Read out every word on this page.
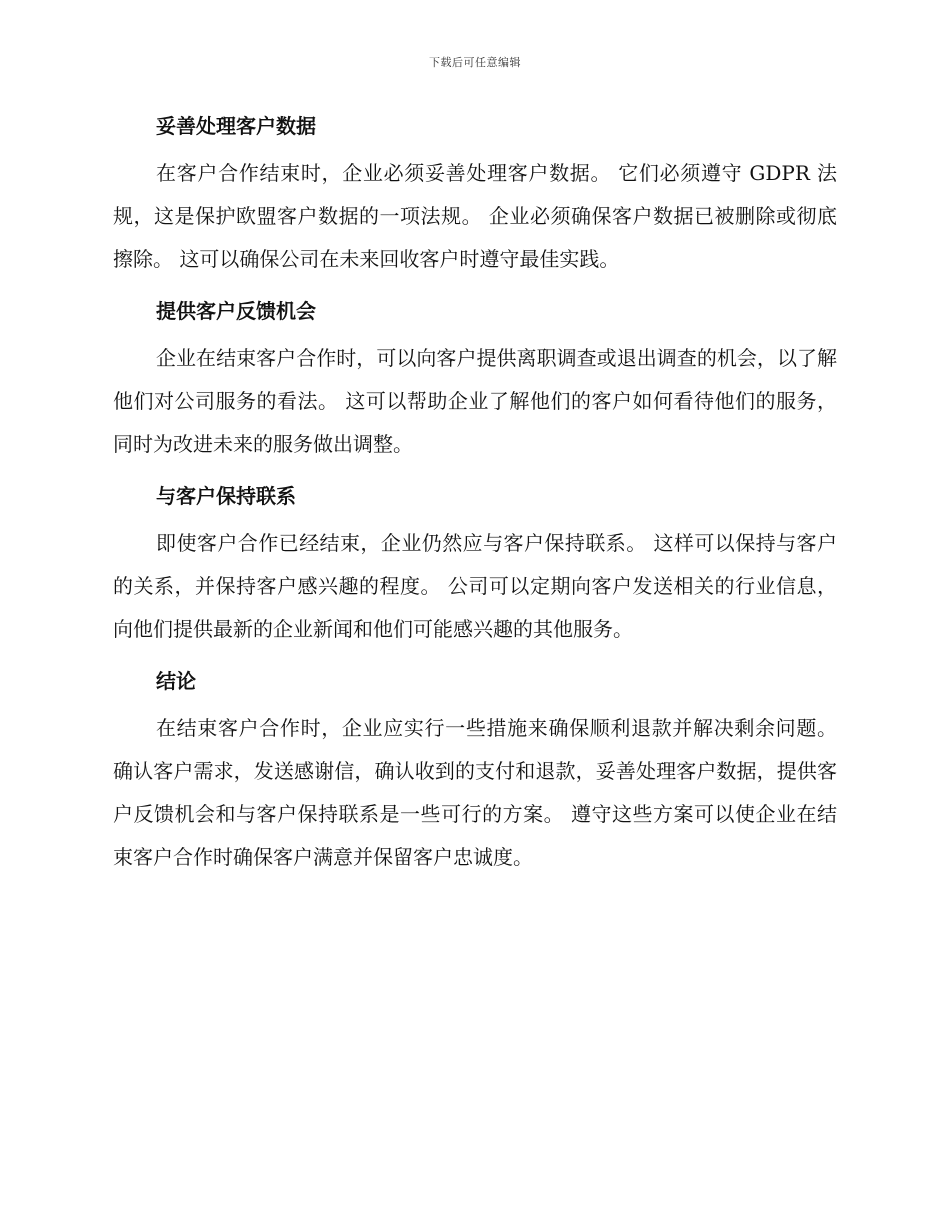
下载后可任意编辑
妥善处理客户数据

在客户合作结束时，企业必须妥善处理客户数据。 它们必须遵守 GDPR 法规，这是保护欧盟客户数据的一项法规。 企业必须确保客户数据已被删除或彻底擦除。 这可以确保公司在未来回收客户时遵守最佳实践。

提供客户反馈机会

企业在结束客户合作时，可以向客户提供离职调查或退出调查的机会，以了解他们对公司服务的看法。 这可以帮助企业了解他们的客户如何看待他们的服务，同时为改进未来的服务做出调整。

与客户保持联系

即使客户合作已经结束，企业仍然应与客户保持联系。 这样可以保持与客户的关系，并保持客户感兴趣的程度。 公司可以定期向客户发送相关的行业信息，向他们提供最新的企业新闻和他们可能感兴趣的其他服务。

结论

在结束客户合作时，企业应实行一些措施来确保顺利退款并解决剩余问题。 确认客户需求，发送感谢信，确认收到的支付和退款，妥善处理客户数据，提供客户反馈机会和与客户保持联系是一些可行的方案。 遵守这些方案可以使企业在结束客户合作时确保客户满意并保留客户忠诚度。
